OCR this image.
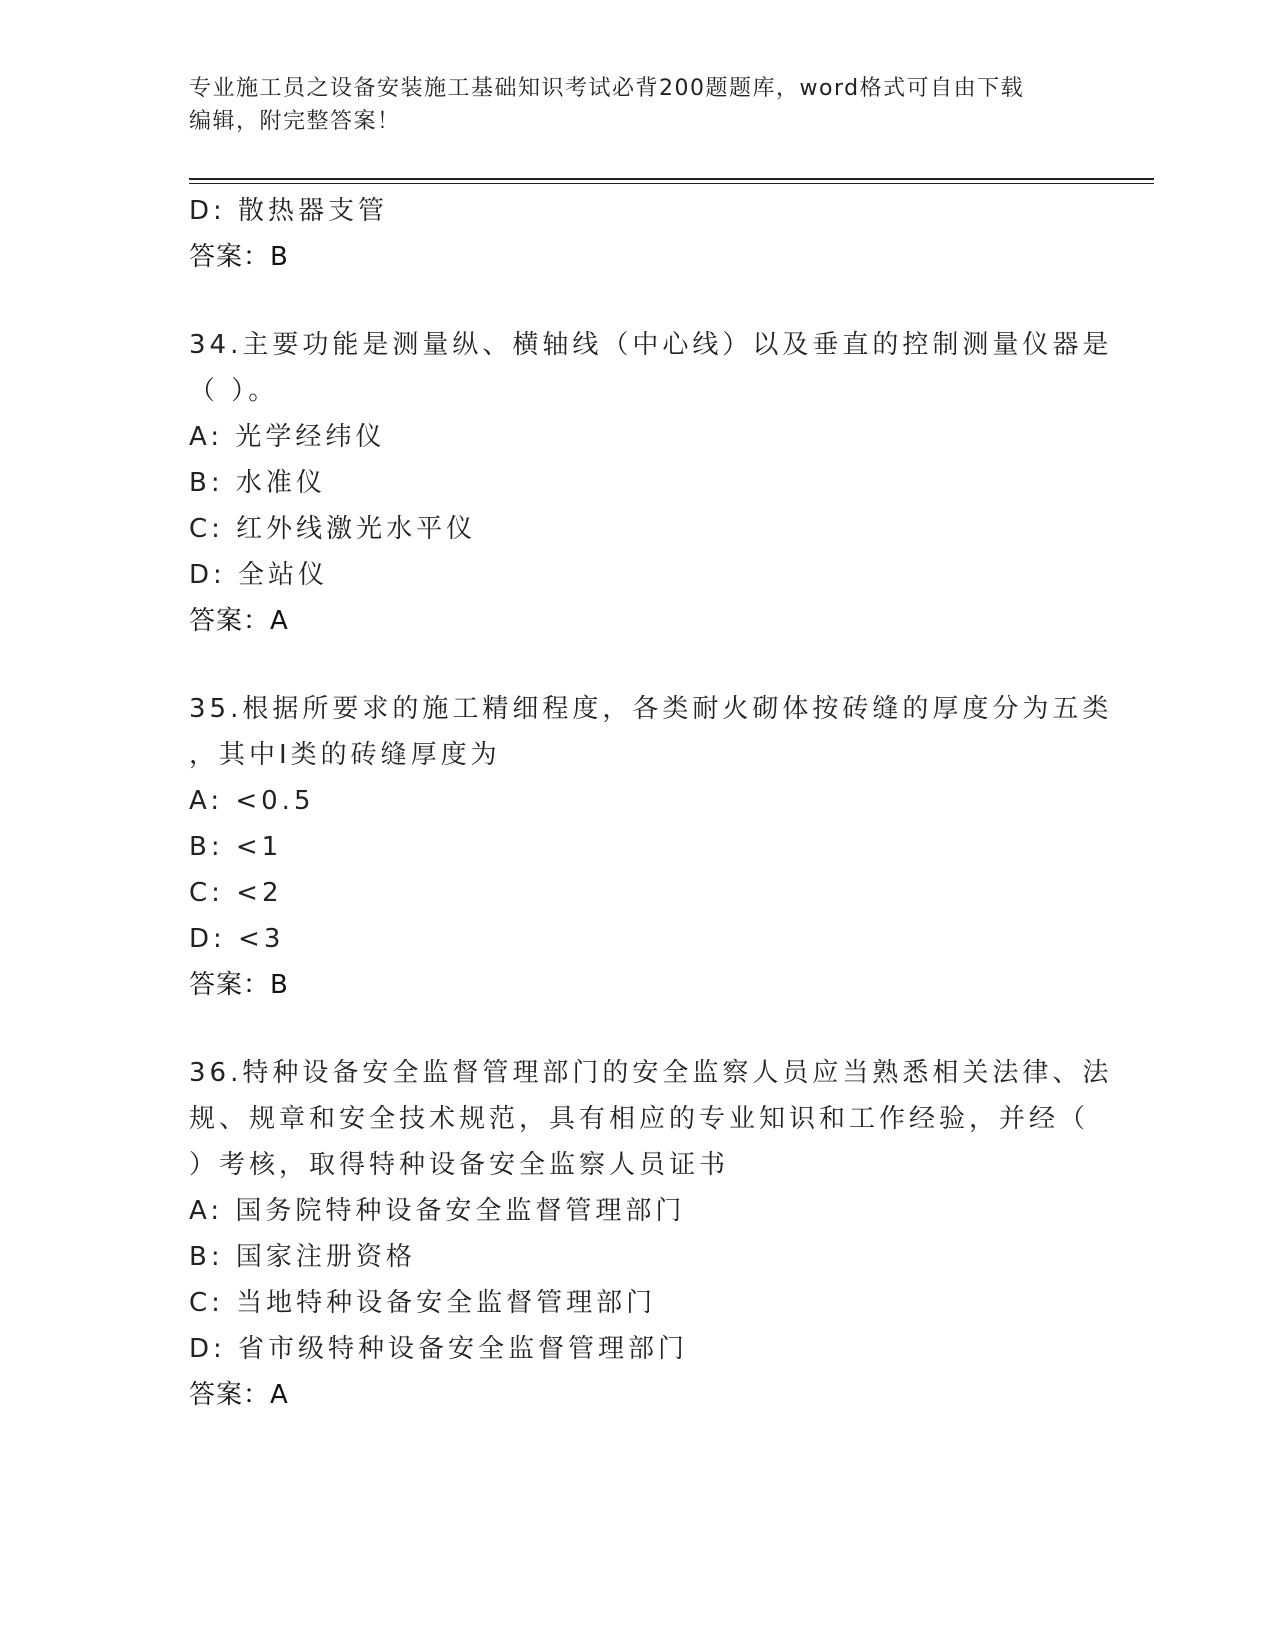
专业施工员之设备安装施工基础知识考试必背200题题库，word格式可自由下载
编辑，附完整答案！
D: 散热器支管
答案：B
34.主要功能是测量纵、横轴线（中心线）以及垂直的控制测量仪器是
（ ）。
A: 光学经纬仪
B: 水准仪
C: 红外线激光水平仪
D: 全站仪
答案：A
35.根据所要求的施工精细程度，各类耐火砌体按砖缝的厚度分为五类
，其中Ⅰ类的砖缝厚度为
A: <0.5
B: <1
C: <2
D: <3
答案：B
36.特种设备安全监督管理部门的安全监察人员应当熟悉相关法律、法
规、规章和安全技术规范，具有相应的专业知识和工作经验，并经（
）考核，取得特种设备安全监察人员证书
A: 国务院特种设备安全监督管理部门
B: 国家注册资格
C: 当地特种设备安全监督管理部门
D: 省市级特种设备安全监督管理部门
答案：A
